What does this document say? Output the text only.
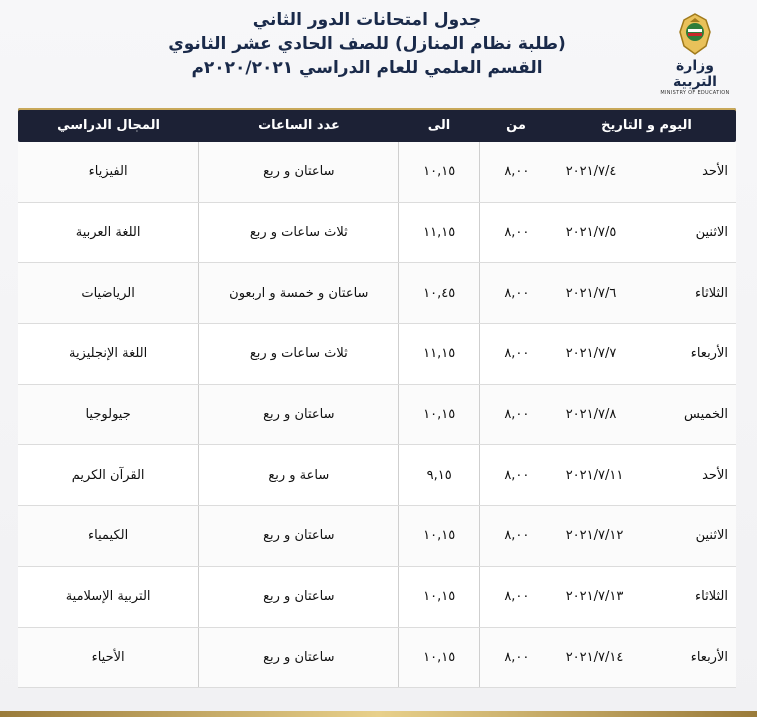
جدول امتحانات الدور الثاني
(طلبة نظام المنازل) للصف الحادي عشر الثانوي
القسم العلمي للعام الدراسي ٢٠٢٠/٢٠٢١م	وزارة التربية
MINISTRY OF EDUCATION
اليوم و التاريخ
من
الى
عدد الساعات
المجال الدراسي
الأحد
٢٠٢١/٧/٤
٨,٠٠
١٠,١٥
ساعتان و ربع
الفيزياء
الاثنين
٢٠٢١/٧/٥
٨,٠٠
١١,١٥
ثلاث ساعات و ربع
اللغة العربية
الثلاثاء
٢٠٢١/٧/٦
٨,٠٠
١٠,٤٥
ساعتان و خمسة و اربعون
الرياضيات
الأربعاء
٢٠٢١/٧/٧
٨,٠٠
١١,١٥
ثلاث ساعات و ربع
اللغة الإنجليزية
الخميس
٢٠٢١/٧/٨
٨,٠٠
١٠,١٥
ساعتان و ربع
جيولوجيا
الأحد
٢٠٢١/٧/١١
٨,٠٠
٩,١٥
ساعة و ربع
القرآن الكريم
الاثنين
٢٠٢١/٧/١٢
٨,٠٠
١٠,١٥
ساعتان و ربع
الكيمياء
الثلاثاء
٢٠٢١/٧/١٣
٨,٠٠
١٠,١٥
ساعتان و ربع
التربية الإسلامية
الأربعاء
٢٠٢١/٧/١٤
٨,٠٠
١٠,١٥
ساعتان و ربع
الأحياء
